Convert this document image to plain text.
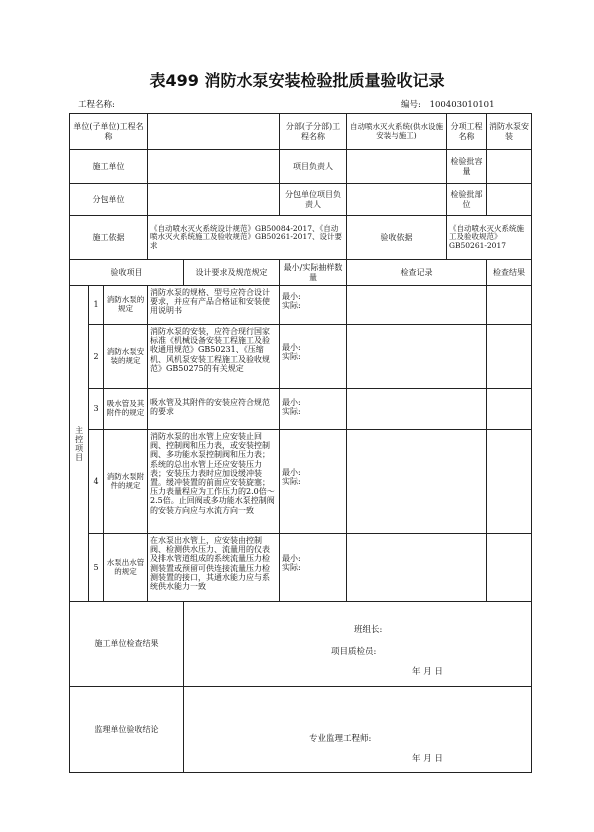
表499 消防水泵安装检验批质量验收记录
工程名称:	编号: 100403010101
单位(子单位)工程名称					分部(子分部)工程名称	自动喷水灭火系统(供水设施安装与施工)	分项工程名称	消防水泵安装
施工单位					项目负责人		检验批容量	
分包单位					分包单位项目负责人		检验批部位	
施工依据			《自动喷水灭火系统设计规范》GB50084-2017、《自动喷水灭火系统施工及验收规范》GB50261-2017、设计要求			验收依据	《自动喷水灭火系统施工及验收规范》GB50261-2017	
验收项目				设计要求及规范规定	最小/实际抽样数量	检查记录		检查结果
主控项目	1	消防水泵的规定	消防水泵的规格、型号应符合设计要求，并应有产品合格证和安装使用说明书		最小:
实际:			

	2	消防水泵安装的规定	消防水泵的安装，应符合现行国家标准《机械设备安装工程施工及验收通用规范》GB50231、《压缩机、风机泵安装工程施工及验收规范》GB50275的有关规定		最小:
实际:			

	3	吸水管及其附件的规定	吸水管及其附件的安装应符合规范的要求		最小:
实际:			

	4	消防水泵附件的规定	消防水泵的出水管上应安装止回阀、控制阀和压力表，或安装控制阀、多功能水泵控制阀和压力表；系统的总出水管上还应安装压力表；安装压力表时应加设缓冲装置。缓冲装置的前面应安装旋塞；压力表量程应为工作压力的2.0倍～2.5倍。止回阀或多功能水泵控制阀的安装方向应与水流方向一致		最小:
实际:			

	5	水泵出水管的规定	在水泵出水管上，应安装由控制阀、检测供水压力、流量用的仪表及排水管道组成的系统流量压力检测装置或预留可供连接流量压力检测装置的接口，其通水能力应与系统供水能力一致		最小:
实际:			

施工单位检查结果				班组长:
项目质检员:
年 月 日				

监理单位验收结论				专业监理工程师:
年 月 日				
